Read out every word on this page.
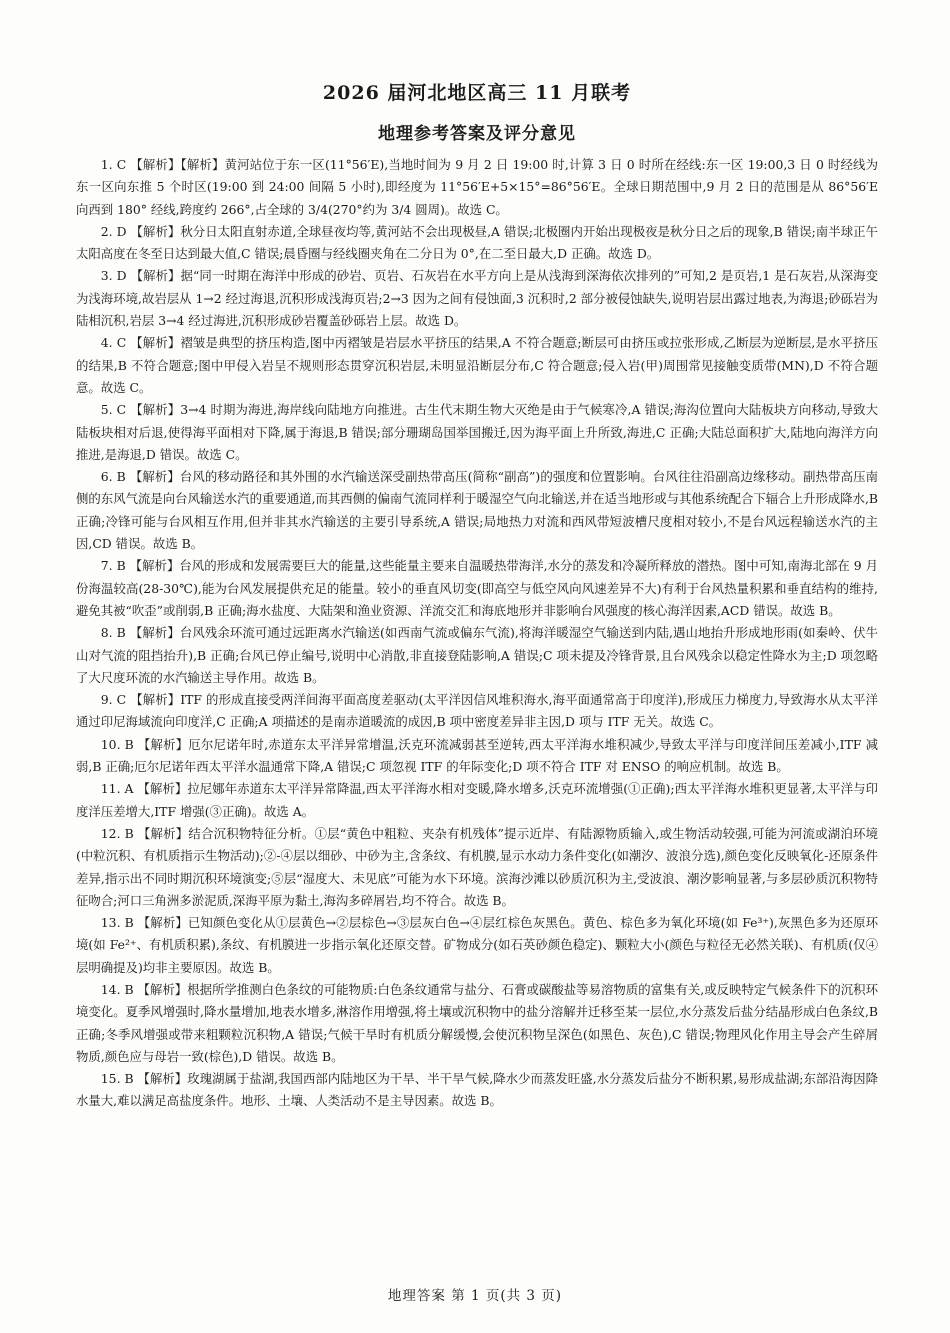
2026 届河北地区高三 11 月联考
地理参考答案及评分意见

1. C 【解析】【解析】黄河站位于东一区(11°56′E),当地时间为 9 月 2 日 19:00 时,计算 3 日 0 时所在经线:东一区 19:00,3 日 0 时经线为东一区向东推 5 个时区(19:00 到 24:00 间隔 5 小时),即经度为 11°56′E+5×15°=86°56′E。全球日期范围中,9 月 2 日的范围是从 86°56′E 向西到 180° 经线,跨度约 266°,占全球的 3/4(270°约为 3/4 圆周)。故选 C。

2. D 【解析】秋分日太阳直射赤道,全球昼夜均等,黄河站不会出现极昼,A 错误;北极圈内开始出现极夜是秋分日之后的现象,B 错误;南半球正午太阳高度在冬至日达到最大值,C 错误;晨昏圈与经线圈夹角在二分日为 0°,在二至日最大,D 正确。故选 D。

3. D 【解析】据“同一时期在海洋中形成的砂岩、页岩、石灰岩在水平方向上是从浅海到深海依次排列的”可知,2 是页岩,1 是石灰岩,从深海变为浅海环境,故岩层从 1→2 经过海退,沉积形成浅海页岩;2→3 因为之间有侵蚀面,3 沉积时,2 部分被侵蚀缺失,说明岩层出露过地表,为海退;砂砾岩为陆相沉积,岩层 3→4 经过海进,沉积形成砂岩覆盖砂砾岩上层。故选 D。

4. C 【解析】褶皱是典型的挤压构造,图中丙褶皱是岩层水平挤压的结果,A 不符合题意;断层可由挤压或拉张形成,乙断层为逆断层,是水平挤压的结果,B 不符合题意;图中甲侵入岩呈不规则形态贯穿沉积岩层,未明显沿断层分布,C 符合题意;侵入岩(甲)周围常见接触变质带(MN),D 不符合题意。故选 C。

5. C 【解析】3→4 时期为海进,海岸线向陆地方向推进。古生代末期生物大灭绝是由于气候寒冷,A 错误;海沟位置向大陆板块方向移动,导致大陆板块相对后退,使得海平面相对下降,属于海退,B 错误;部分珊瑚岛国举国搬迁,因为海平面上升所致,海进,C 正确;大陆总面积扩大,陆地向海洋方向推进,是海退,D 错误。故选 C。

6. B 【解析】台风的移动路径和其外围的水汽输送深受副热带高压(简称“副高”)的强度和位置影响。台风往往沿副高边缘移动。副热带高压南侧的东风气流是向台风输送水汽的重要通道,而其西侧的偏南气流同样利于暖湿空气向北输送,并在适当地形或与其他系统配合下辐合上升形成降水,B 正确;冷锋可能与台风相互作用,但并非其水汽输送的主要引导系统,A 错误;局地热力对流和西风带短波槽尺度相对较小,不是台风远程输送水汽的主因,CD 错误。故选 B。

7. B 【解析】台风的形成和发展需要巨大的能量,这些能量主要来自温暖热带海洋,水分的蒸发和冷凝所释放的潜热。图中可知,南海北部在 9 月份海温较高(28-30℃),能为台风发展提供充足的能量。较小的垂直风切变(即高空与低空风向风速差异不大)有利于台风热量积累和垂直结构的维持,避免其被“吹歪”或削弱,B 正确;海水盐度、大陆架和渔业资源、洋流交汇和海底地形并非影响台风强度的核心海洋因素,ACD 错误。故选 B。

8. B 【解析】台风残余环流可通过远距离水汽输送(如西南气流或偏东气流),将海洋暖湿空气输送到内陆,遇山地抬升形成地形雨(如秦岭、伏牛山对气流的阻挡抬升),B 正确;台风已停止编号,说明中心消散,非直接登陆影响,A 错误;C 项未提及冷锋背景,且台风残余以稳定性降水为主;D 项忽略了大尺度环流的水汽输送主导作用。故选 B。

9. C 【解析】ITF 的形成直接受两洋间海平面高度差驱动(太平洋因信风堆积海水,海平面通常高于印度洋),形成压力梯度力,导致海水从太平洋通过印尼海域流向印度洋,C 正确;A 项描述的是南赤道暖流的成因,B 项中密度差异非主因,D 项与 ITF 无关。故选 C。

10. B 【解析】厄尔尼诺年时,赤道东太平洋异常增温,沃克环流减弱甚至逆转,西太平洋海水堆积减少,导致太平洋与印度洋间压差减小,ITF 减弱,B 正确;厄尔尼诺年西太平洋水温通常下降,A 错误;C 项忽视 ITF 的年际变化;D 项不符合 ITF 对 ENSO 的响应机制。故选 B。

11. A 【解析】拉尼娜年赤道东太平洋异常降温,西太平洋海水相对变暖,降水增多,沃克环流增强(①正确);西太平洋海水堆积更显著,太平洋与印度洋压差增大,ITF 增强(③正确)。故选 A。

12. B 【解析】结合沉积物特征分析。①层“黄色中粗粒、夹杂有机残体”提示近岸、有陆源物质输入,或生物活动较强,可能为河流或湖泊环境(中粒沉积、有机质指示生物活动);②-④层以细砂、中砂为主,含条纹、有机膜,显示水动力条件变化(如潮汐、波浪分选),颜色变化反映氧化-还原条件差异,指示出不同时期沉积环境演变;⑤层“湿度大、未见底”可能为水下环境。滨海沙滩以砂质沉积为主,受波浪、潮汐影响显著,与多层砂质沉积物特征吻合;河口三角洲多淤泥质,深海平原为黏土,海沟多碎屑岩,均不符合。故选 B。

13. B 【解析】已知颜色变化从①层黄色→②层棕色→③层灰白色→④层红棕色灰黑色。黄色、棕色多为氧化环境(如 Fe³⁺),灰黑色多为还原环境(如 Fe²⁺、有机质积累),条纹、有机膜进一步指示氧化还原交替。矿物成分(如石英砂颜色稳定)、颗粒大小(颜色与粒径无必然关联)、有机质(仅④层明确提及)均非主要原因。故选 B。

14. B 【解析】根据所学推测白色条纹的可能物质:白色条纹通常与盐分、石膏或碳酸盐等易溶物质的富集有关,或反映特定气候条件下的沉积环境变化。夏季风增强时,降水量增加,地表水增多,淋溶作用增强,将土壤或沉积物中的盐分溶解并迁移至某一层位,水分蒸发后盐分结晶形成白色条纹,B 正确;冬季风增强或带来粗颗粒沉积物,A 错误;气候干旱时有机质分解缓慢,会使沉积物呈深色(如黑色、灰色),C 错误;物理风化作用主导会产生碎屑物质,颜色应与母岩一致(棕色),D 错误。故选 B。

15. B 【解析】玫瑰湖属于盐湖,我国西部内陆地区为干旱、半干旱气候,降水少而蒸发旺盛,水分蒸发后盐分不断积累,易形成盐湖;东部沿海因降水量大,难以满足高盐度条件。地形、土壤、人类活动不是主导因素。故选 B。

地理答案 第 1 页(共 3 页)
